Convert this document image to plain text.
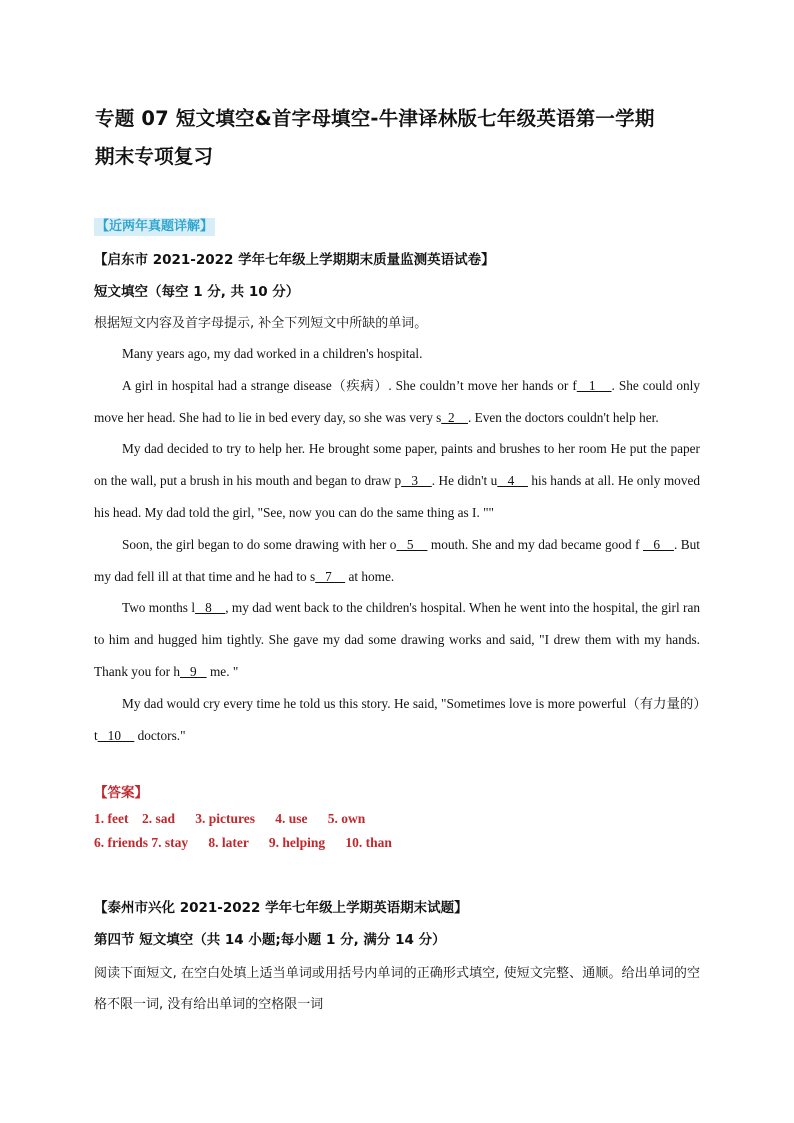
专题 07 短文填空&首字母填空-牛津译林版七年级英语第一学期
期末专项复习
【近两年真题详解】
【启东市 2021-2022 学年七年级上学期期末质量监测英语试卷】
短文填空（每空 1 分, 共 10 分）
根据短文内容及首字母提示, 补全下列短文中所缺的单词。

Many years ago, my dad worked in a children's hospital.

A girl in hospital had a strange disease（疾病）. She couldn’t move her hands or f   1    . She could only move her head. She had to lie in bed every day, so she was very s_2__. Even the doctors couldn't help her.

My dad decided to try to help her. He brought some paper, paints and brushes to her room He put the paper on the wall, put a brush in his mouth and began to draw p   3    . He didn't u   4     his hands at all. He only moved his head. My dad told the girl, "See, now you can do the same thing as I. ""

Soon, the girl began to do some drawing with her o   5     mouth. She and my dad became good f    6    . But my dad fell ill at that time and he had to s   7     at home.

Two months l   8    , my dad went back to the children's hospital. When he went into the hospital, the girl ran to him and hugged him tightly. She gave my dad some drawing works and said, "I drew them with my hands. Thank you for h   9    me. "

My dad would cry every time he told us this story. He said, "Sometimes love is more powerful（有力量的）t   10     doctors."

【答案】
1. feet    2. sad      3. pictures      4. use      5. own
6. friends 7. stay      8. later      9. helping      10. than
【泰州市兴化 2021-2022 学年七年级上学期英语期末试题】
第四节 短文填空（共 14 小题;每小题 1 分, 满分 14 分）

阅读下面短文, 在空白处填上适当单词或用括号内单词的正确形式填空, 使短文完整、通顺。给出单词的空格不限一词, 没有给出单词的空格限一词
